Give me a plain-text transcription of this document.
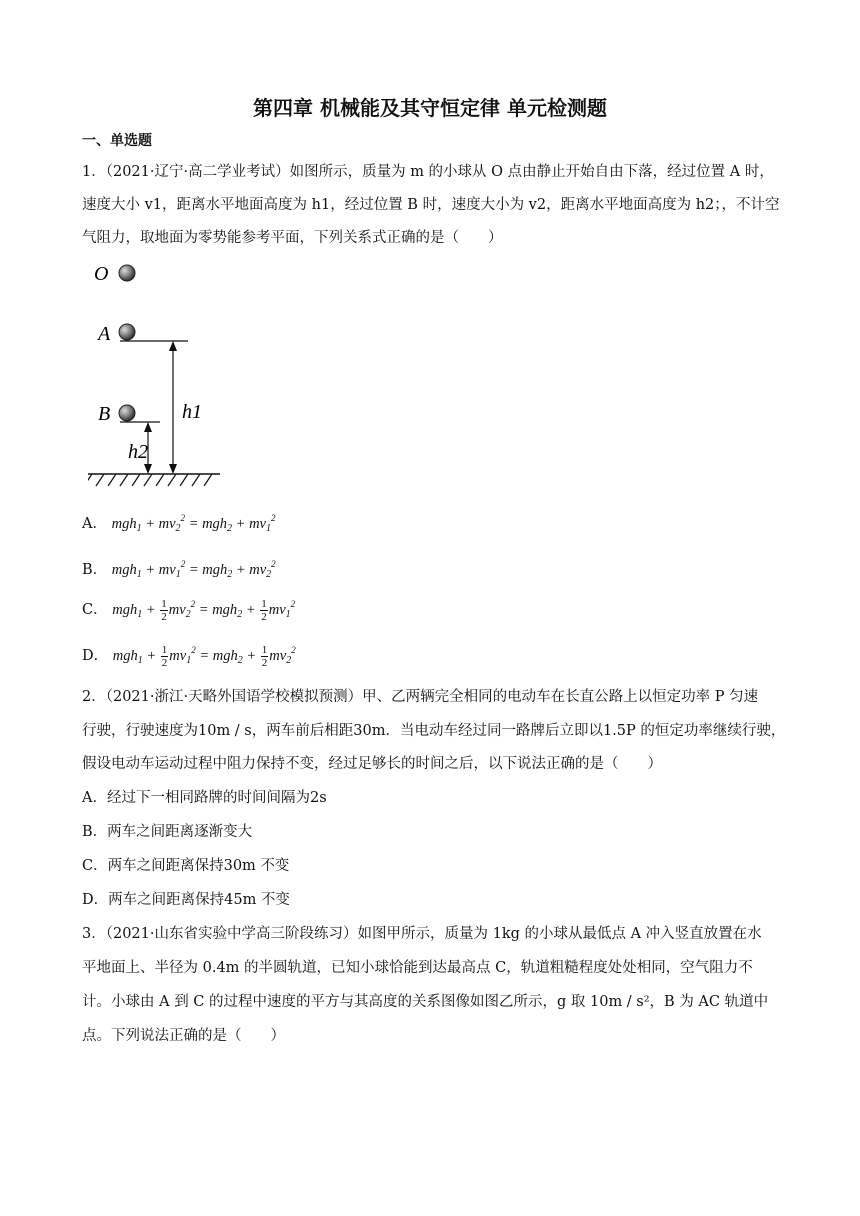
第四章 机械能及其守恒定律 单元检测题
一、单选题
1．（2021·辽宁·高二学业考试）如图所示，质量为 m 的小球从 O 点由静止开始自由下落，经过位置 A 时，
速度大小 v1，距离水平地面高度为 h1，经过位置 B 时，速度大小为 v2，距离水平地面高度为 h2；，不计空
气阻力，取地面为零势能参考平面，下列关系式正确的是（　　）
O
A
B	h1
h2
A． $mgh_1 + mv_2^2 = mgh_2 + mv_1^2$
B． $mgh_1 + mv_1^2 = mgh_2 + mv_2^2$
C． $mgh_1 + \frac{1}{2} mv_2^2 = mgh_2 + \frac{1}{2} mv_1^2$
D． $mgh_1 + \frac{1}{2} mv_1^2 = mgh_2 + \frac{1}{2} mv_2^2$
2．（2021·浙江·天略外国语学校模拟预测）甲、乙两辆完全相同的电动车在长直公路上以恒定功率 P 匀速
行驶，行驶速度为10m / s，两车前后相距30m．当电动车经过同一路牌后立即以1.5P 的恒定功率继续行驶，
假设电动车运动过程中阻力保持不变，经过足够长的时间之后，以下说法正确的是（　　）
A．经过下一相同路牌的时间间隔为2s
B．两车之间距离逐渐变大
C．两车之间距离保持30m 不变
D．两车之间距离保持45m 不变
3．（2021·山东省实验中学高三阶段练习）如图甲所示，质量为 1kg 的小球从最低点 A 冲入竖直放置在水
平地面上、半径为 0.4m 的半圆轨道，已知小球恰能到达最高点 C，轨道粗糙程度处处相同，空气阻力不
计。小球由 A 到 C 的过程中速度的平方与其高度的关系图像如图乙所示，g 取 10m / s²，B 为 AC 轨道中
点。下列说法正确的是（　　）
